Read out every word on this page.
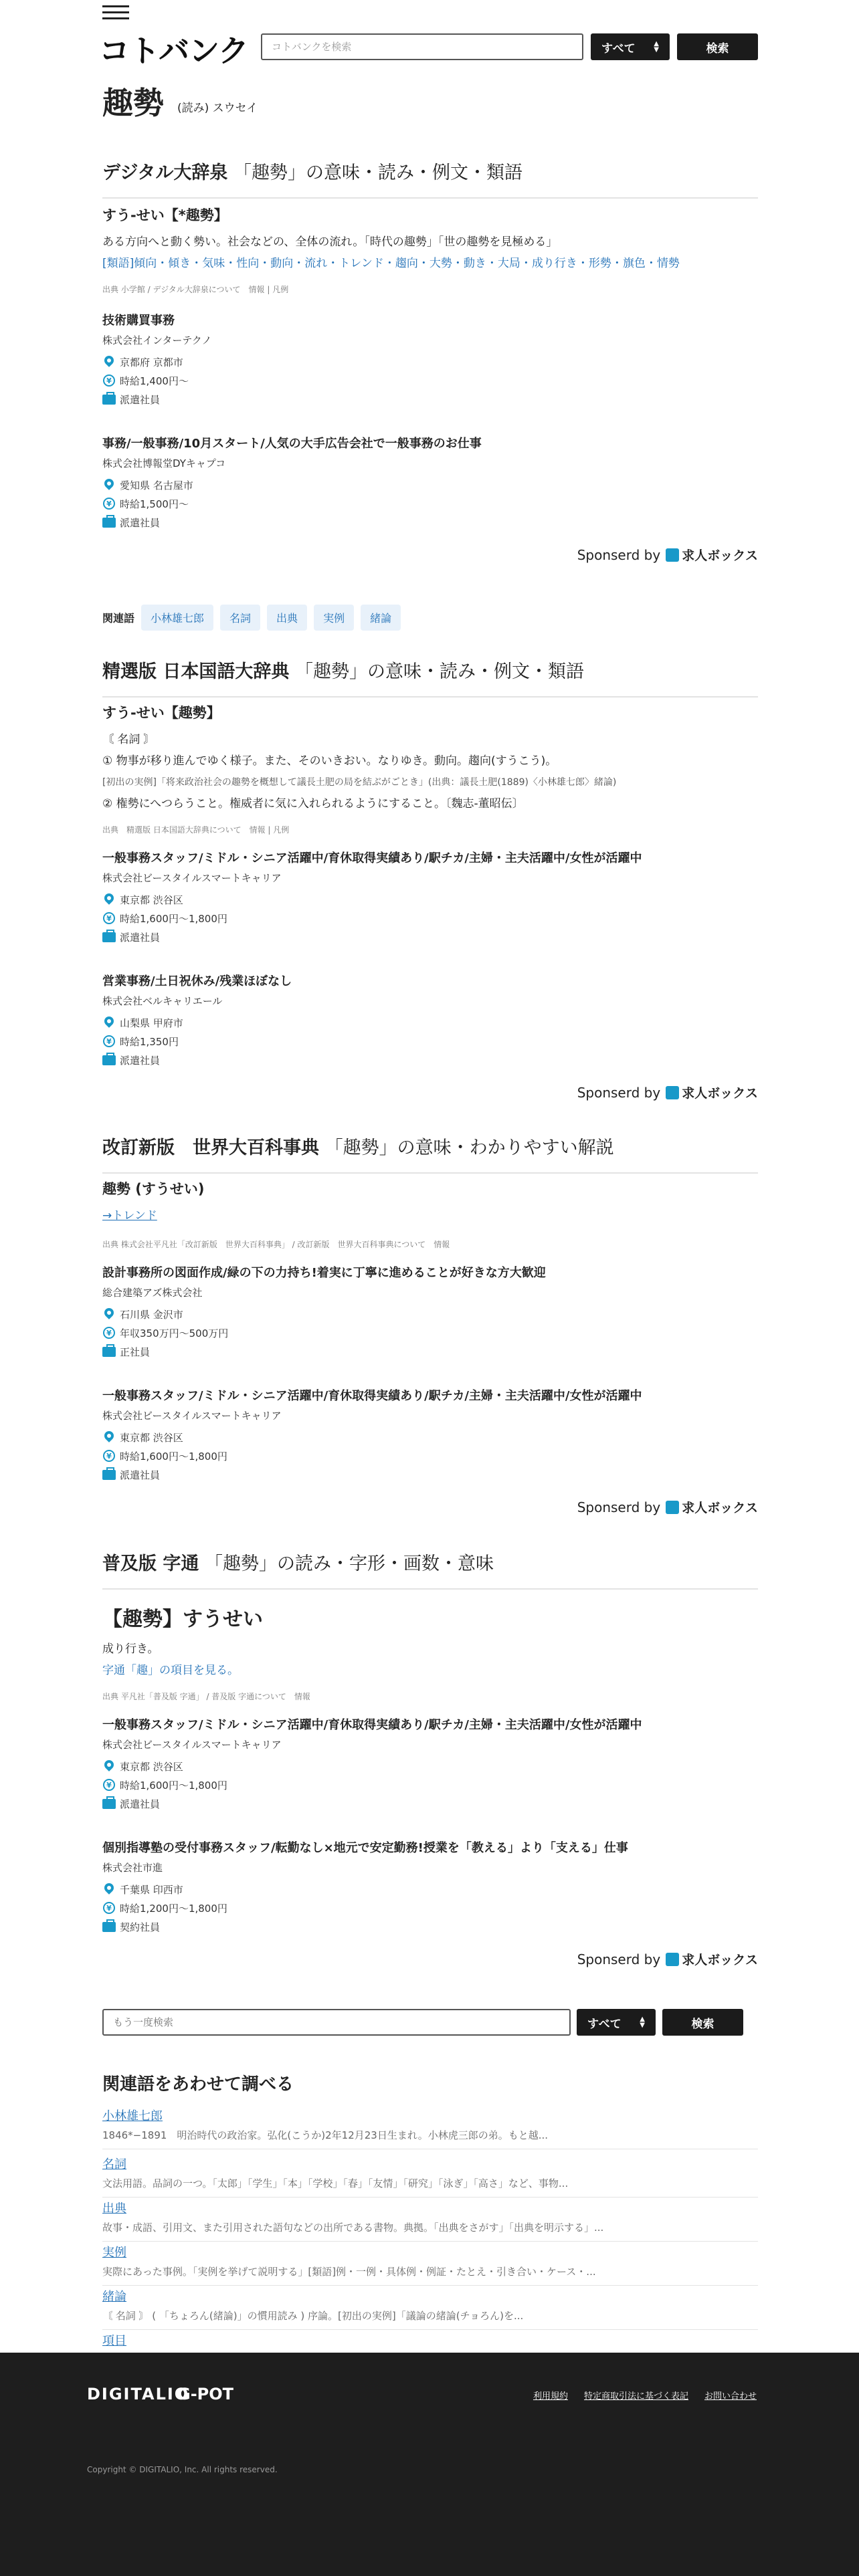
コトバンク
コトバンクを検索	すべて	▲
▼	検索
趣勢 (読み) スウセイ
デジタル大辞泉 「趣勢」の意味・読み・例文・類語
すう‐せい【*趣勢】
ある方向へと動く勢い。社会などの、全体の流れ。「時代の趣勢」「世の趣勢を見極める」
[類語]傾向・傾き・気味・性向・動向・流れ・トレンド・趨向・大勢・動き・大局・成り行き・形勢・旗色・情勢
出典 小学館 / デジタル大辞泉について　情報 | 凡例
技術購買事務
株式会社インターテクノ
京都府 京都市
¥ 時給1,400円〜
派遣社員
事務/一般事務/10月スタート/人気の大手広告会社で一般事務のお仕事
株式会社博報堂DYキャプコ
愛知県 名古屋市
¥ 時給1,500円〜
派遣社員
Sponserd by 求人ボックス
関連語	小林雄七郎	名詞	出典	実例	緒論
精選版 日本国語大辞典 「趣勢」の意味・読み・例文・類語
すう‐せい【趣勢】
〘 名詞 〙
① 物事が移り進んでゆく様子。また、そのいきおい。なりゆき。動向。趨向(すうこう)。
[初出の実例]「将来政治社会の趣勢を概想して議長土肥の局を結ぶがごとき」(出典：議長土肥(1889)〈小林雄七郎〉緒論)
② 権勢にへつらうこと。権威者に気に入れられるようにすること。〔魏志‐董昭伝〕
出典　精選版 日本国語大辞典について　情報 | 凡例
一般事務スタッフ/ミドル・シニア活躍中/育休取得実績あり/駅チカ/主婦・主夫活躍中/女性が活躍中
株式会社ビースタイルスマートキャリア
東京都 渋谷区
¥ 時給1,600円〜1,800円
派遣社員
営業事務/土日祝休み/残業ほぼなし
株式会社ベルキャリエール
山梨県 甲府市
¥ 時給1,350円
派遣社員
Sponserd by 求人ボックス
改訂新版　世界大百科事典 「趣勢」の意味・わかりやすい解説
趣勢 (すうせい)
→トレンド
出典 株式会社平凡社「改訂新版　世界大百科事典」 / 改訂新版　世界大百科事典について　情報
設計事務所の図面作成/緑の下の力持ち!着実に丁寧に進めることが好きな方大歓迎
総合建築アズ株式会社
石川県 金沢市
¥ 年収350万円〜500万円
正社員
一般事務スタッフ/ミドル・シニア活躍中/育休取得実績あり/駅チカ/主婦・主夫活躍中/女性が活躍中
株式会社ビースタイルスマートキャリア
東京都 渋谷区
¥ 時給1,600円〜1,800円
派遣社員
Sponserd by 求人ボックス
普及版 字通 「趣勢」の読み・字形・画数・意味
【趣勢】すうせい
成り行き。
字通「趣」の項目を見る。
出典 平凡社「普及版 字通」 / 普及版 字通について　情報
一般事務スタッフ/ミドル・シニア活躍中/育休取得実績あり/駅チカ/主婦・主夫活躍中/女性が活躍中
株式会社ビースタイルスマートキャリア
東京都 渋谷区
¥ 時給1,600円〜1,800円
派遣社員
個別指導塾の受付事務スタッフ/転勤なし×地元で安定勤務!授業を「教える」より「支える」仕事
株式会社市進
千葉県 印西市
¥ 時給1,200円〜1,800円
契約社員
Sponserd by 求人ボックス
もう一度検索
すべて	▲
▼	検索
関連語をあわせて調べる
小林雄七郎
1846*−1891　明治時代の政治家。弘化(こうか)2年12月23日生まれ。小林虎三郎の弟。もと越...
名詞
文法用語。品詞の一つ。「太郎」「学生」「本」「学校」「春」「友情」「研究」「泳ぎ」「高さ」など、事物...
出典
故事・成語、引用文、また引用された語句などの出所である書物。典拠。「出典をさがす」「出典を明示する」...
実例
実際にあった事例。「実例を挙げて説明する」[類語]例・一例・具体例・例証・たとえ・引き合い・ケース・...
緒論
〘 名詞 〙 ( 「ちょろん(緒論)」の慣用読み ) 序論。[初出の実例]「議論の緒論(チョろん)を...
項目
DIGITALIO
G-POT	利用規約 特定商取引法に基づく表記 お問い合わせ
Copyright © DIGITALIO, Inc. All rights reserved.
